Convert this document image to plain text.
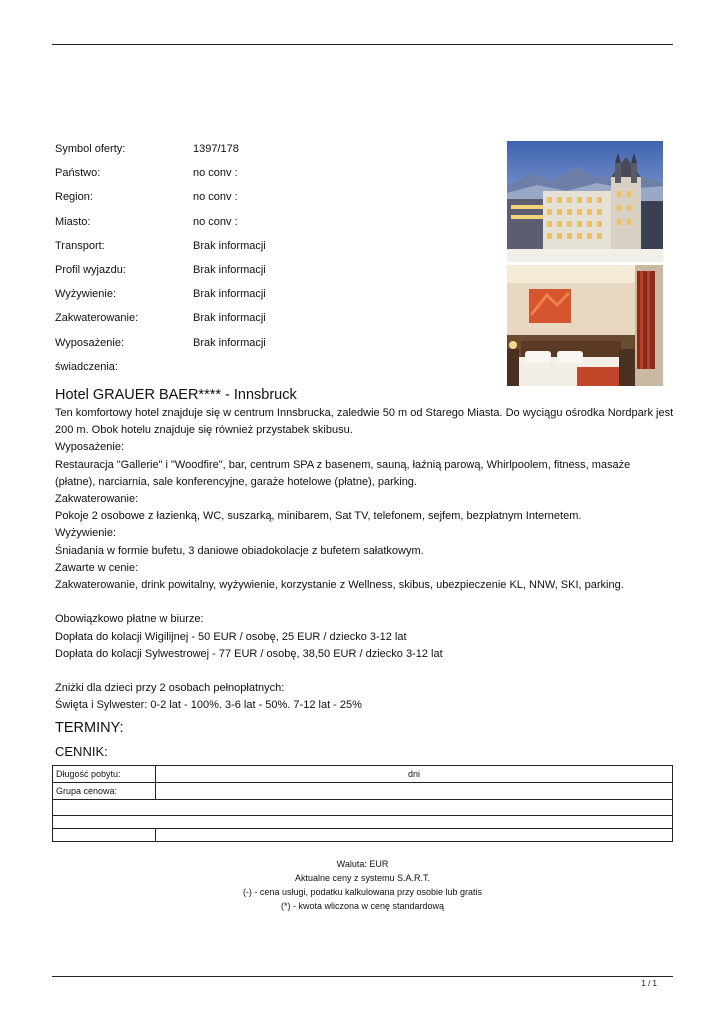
Symbol oferty:	1397/178
Państwo:	no conv :
Region:	no conv :
Miasto:	no conv :
Transport:	Brak informacji
Profil wyjazdu:	Brak informacji
Wyżywienie:	Brak informacji
Zakwaterowanie:	Brak informacji
Wyposażenie:	Brak informacji
świadczenia:
Hotel GRAUER BAER**** - Innsbruck

Ten komfortowy hotel znajduje się w centrum Innsbrucka, zaledwie 50 m od Starego Miasta. Do wyciągu ośrodka Nordpark jest

200 m. Obok hotelu znajduje się również przystabek skibusu.

Wyposażenie:

Restauracja "Gallerie" i "Woodfire", bar, centrum SPA z basenem, sauną, łaźnią parową, Whirlpoolem, fitness, masaże

(płatne), narciarnia, sale konferencyjne, garaże hotelowe (płatne), parking.

Zakwaterowanie:

Pokoje 2 osobowe z łazienką, WC, suszarką, minibarem, Sat TV, telefonem, sejfem, bezpłatnym Internetem.

Wyżywienie:

Śniadania w formie bufetu, 3 daniowe obiadokolacje z bufetem sałatkowym.

Zawarte w cenie:

Zakwaterowanie, drink powitalny, wyżywienie, korzystanie z Wellness, skibus, ubezpieczenie KL, NNW, SKI, parking.

Obowiązkowo płatne w biurze:

Dopłata do kolacji Wigilijnej - 50 EUR / osobę, 25 EUR / dziecko 3-12 lat

Dopłata do kolacji Sylwestrowej - 77 EUR / osobę, 38,50 EUR / dziecko 3-12 lat

Zniżki dla dzieci przy 2 osobach pełnopłatnych:

Święta i Sylwester: 0-2 lat - 100%. 3-6 lat - 50%. 7-12 lat - 25%

TERMINY:
CENNIK:
Długość pobytu:	dni
Grupa cenowa:	

Waluta: EUR
Aktualne ceny z systemu S.A.R.T.
(-) - cena usługi, podatku kalkulowana przy osobie lub gratis
(*) - kwota wliczona w cenę standardową
1 / 1
